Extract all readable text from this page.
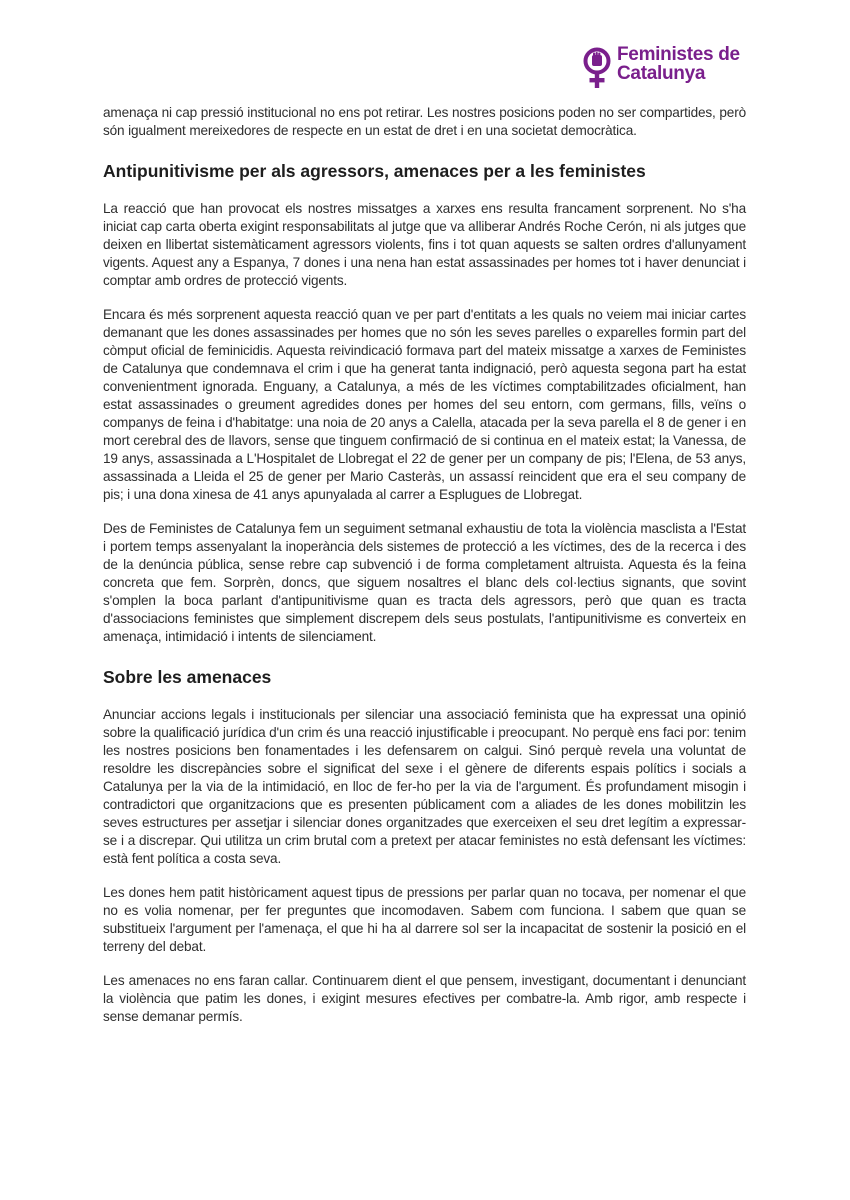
Feministes de
Catalunya

amenaça ni cap pressió institucional no ens pot retirar. Les nostres posicions poden no ser compartides, però són igualment mereixedores de respecte en un estat de dret i en una societat democràtica.

Antipunitivisme per als agressors, amenaces per a les feministes

La reacció que han provocat els nostres missatges a xarxes ens resulta francament sorprenent. No s'ha iniciat cap carta oberta exigint responsabilitats al jutge que va alliberar Andrés Roche Cerón, ni als jutges que deixen en llibertat sistemàticament agressors violents, fins i tot quan aquests se salten ordres d'allunyament vigents. Aquest any a Espanya, 7 dones i una nena han estat assassinades per homes tot i haver denunciat i comptar amb ordres de protecció vigents.

Encara és més sorprenent aquesta reacció quan ve per part d'entitats a les quals no veiem mai iniciar cartes demanant que les dones assassinades per homes que no són les seves parelles o exparelles formin part del còmput oficial de feminicidis. Aquesta reivindicació formava part del mateix missatge a xarxes de Feministes de Catalunya que condemnava el crim i que ha generat tanta indignació, però aquesta segona part ha estat convenientment ignorada. Enguany, a Catalunya, a més de les víctimes comptabilitzades oficialment, han estat assassinades o greument agredides dones per homes del seu entorn, com germans, fills, veïns o companys de feina i d'habitatge: una noia de 20 anys a Calella, atacada per la seva parella el 8 de gener i en mort cerebral des de llavors, sense que tinguem confirmació de si continua en el mateix estat; la Vanessa, de 19 anys, assassinada a L'Hospitalet de Llobregat el 22 de gener per un company de pis; l'Elena, de 53 anys, assassinada a Lleida el 25 de gener per Mario Casteràs, un assassí reincident que era el seu company de pis; i una dona xinesa de 41 anys apunyalada al carrer a Esplugues de Llobregat.

Des de Feministes de Catalunya fem un seguiment setmanal exhaustiu de tota la violència masclista a l'Estat i portem temps assenyalant la inoperància dels sistemes de protecció a les víctimes, des de la recerca i des de la denúncia pública, sense rebre cap subvenció i de forma completament altruista. Aquesta és la feina concreta que fem. Sorprèn, doncs, que siguem nosaltres el blanc dels col·lectius signants, que sovint s'omplen la boca parlant d'antipunitivisme quan es tracta dels agressors, però que quan es tracta d'associacions feministes que simplement discrepem dels seus postulats, l'antipunitivisme es converteix en amenaça, intimidació i intents de silenciament.

Sobre les amenaces

Anunciar accions legals i institucionals per silenciar una associació feminista que ha expressat una opinió sobre la qualificació jurídica d'un crim és una reacció injustificable i preocupant. No perquè ens faci por: tenim les nostres posicions ben fonamentades i les defensarem on calgui. Sinó perquè revela una voluntat de resoldre les discrepàncies sobre el significat del sexe i el gènere de diferents espais polítics i socials a Catalunya per la via de la intimidació, en lloc de fer-ho per la via de l'argument. És profundament misogin i contradictori que organitzacions que es presenten públicament com a aliades de les dones mobilitzin les seves estructures per assetjar i silenciar dones organitzades que exerceixen el seu dret legítim a expressar-se i a discrepar. Qui utilitza un crim brutal com a pretext per atacar feministes no està defensant les víctimes: està fent política a costa seva.

Les dones hem patit històricament aquest tipus de pressions per parlar quan no tocava, per nomenar el que no es volia nomenar, per fer preguntes que incomodaven. Sabem com funciona. I sabem que quan se substitueix l'argument per l'amenaça, el que hi ha al darrere sol ser la incapacitat de sostenir la posició en el terreny del debat.

Les amenaces no ens faran callar. Continuarem dient el que pensem, investigant, documentant i denunciant la violència que patim les dones, i exigint mesures efectives per combatre-la. Amb rigor, amb respecte i sense demanar permís.
